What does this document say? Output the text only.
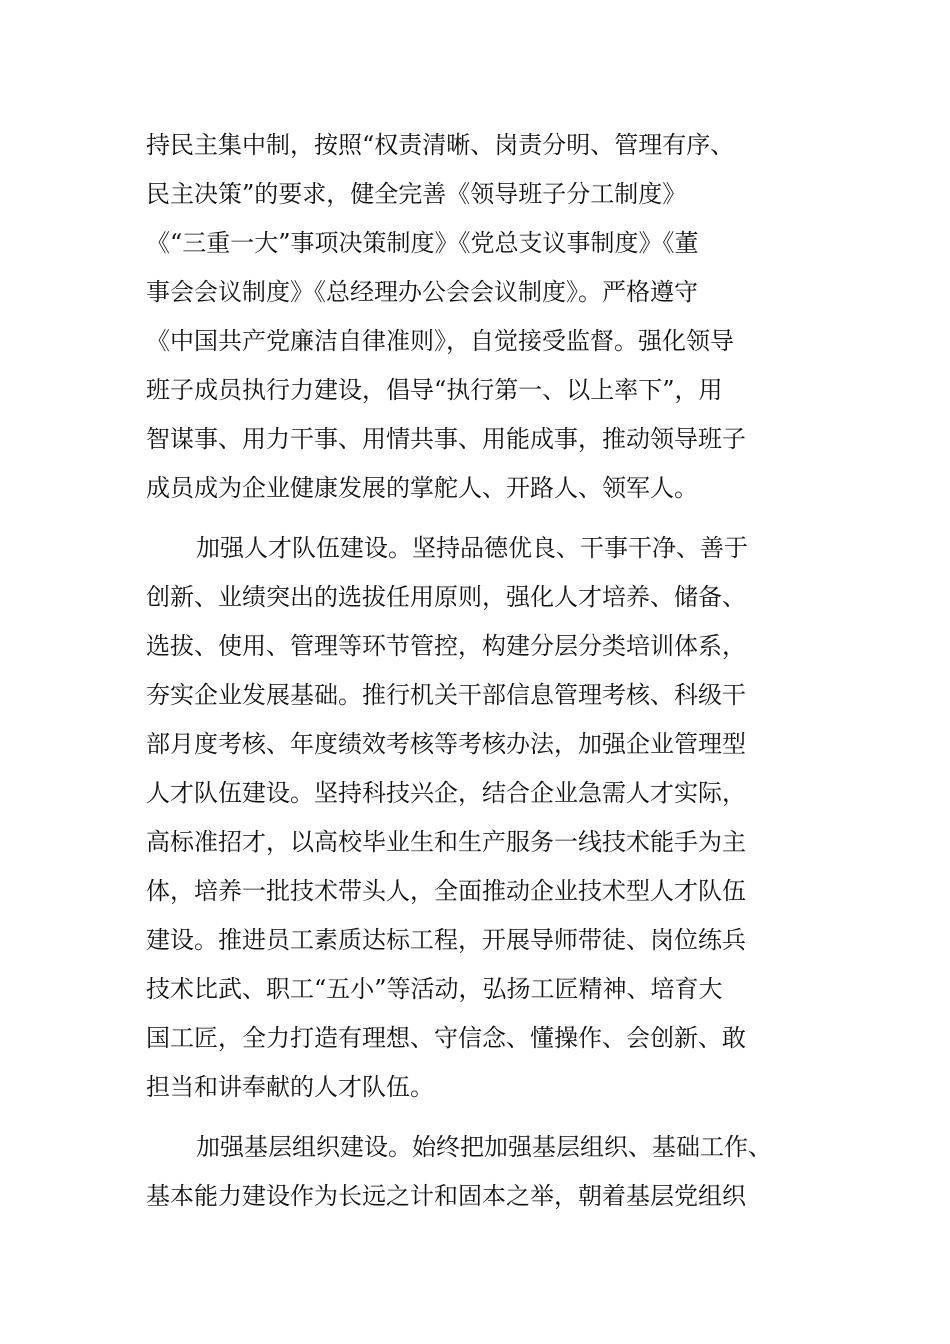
持民主集中制，按照“权责清晰、岗责分明、管理有序、
民主决策”的要求，健全完善《领导班子分工制度》
《“三重一大”事项决策制度》《党总支议事制度》《董
事会会议制度》《总经理办公会会议制度》。严格遵守
《中国共产党廉洁自律准则》，自觉接受监督。强化领导
班子成员执行力建设，倡导“执行第一、以上率下”，用
智谋事、用力干事、用情共事、用能成事，推动领导班子
成员成为企业健康发展的掌舵人、开路人、领军人。
加强人才队伍建设。坚持品德优良、干事干净、善于
创新、业绩突出的选拔任用原则，强化人才培养、储备、
选拔、使用、管理等环节管控，构建分层分类培训体系，
夯实企业发展基础。推行机关干部信息管理考核、科级干
部月度考核、年度绩效考核等考核办法，加强企业管理型
人才队伍建设。坚持科技兴企，结合企业急需人才实际，
高标准招才，以高校毕业生和生产服务一线技术能手为主
体，培养一批技术带头人，全面推动企业技术型人才队伍
建设。推进员工素质达标工程，开展导师带徒、岗位练兵
技术比武、职工“五小”等活动，弘扬工匠精神、培育大
国工匠，全力打造有理想、守信念、懂操作、会创新、敢
担当和讲奉献的人才队伍。
加强基层组织建设。始终把加强基层组织、基础工作、
基本能力建设作为长远之计和固本之举，朝着基层党组织
